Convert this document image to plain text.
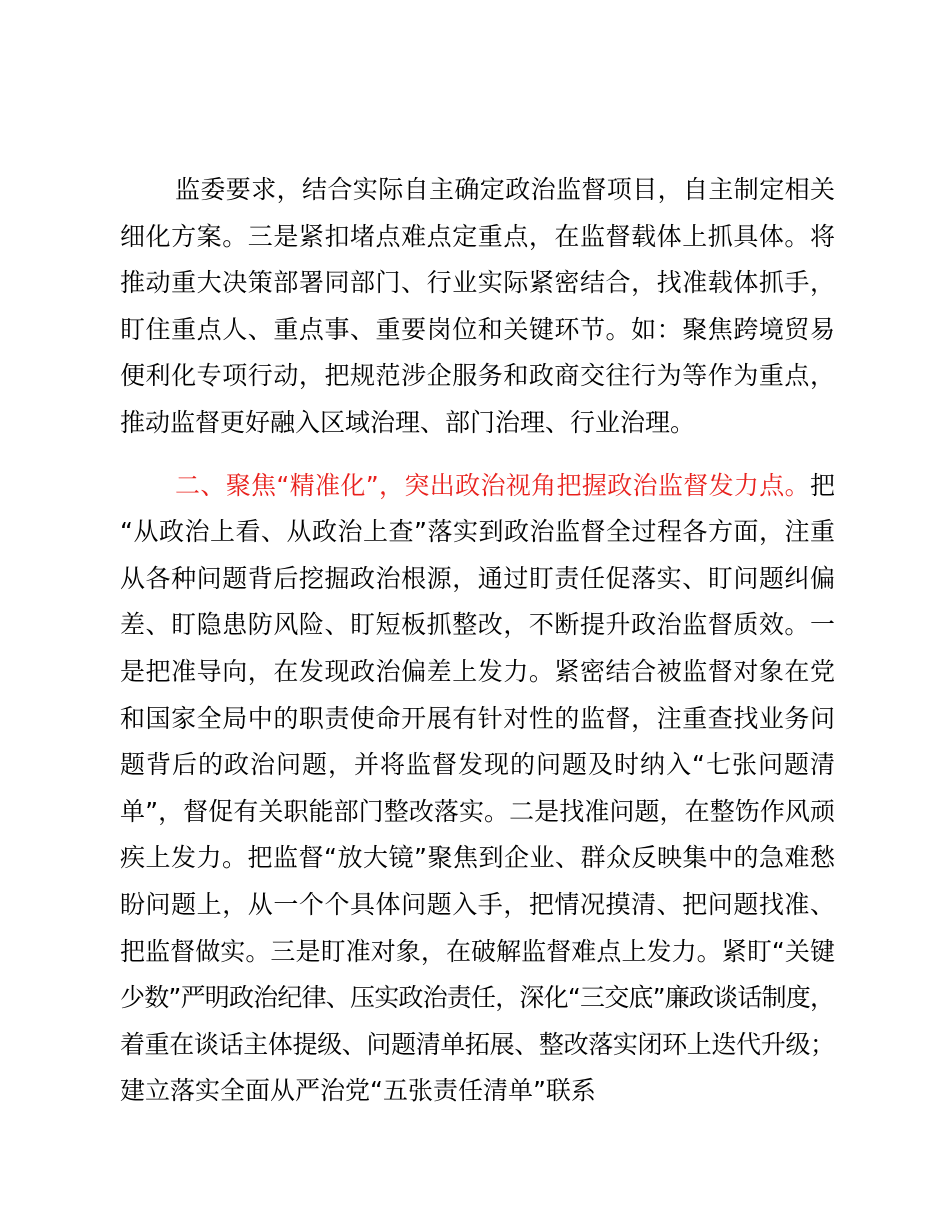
监委要求，结合实际自主确定政治监督项目，自主制定相关
细化方案。三是紧扣堵点难点定重点，在监督载体上抓具体。将
推动重大决策部署同部门、行业实际紧密结合，找准载体抓手，
盯住重点人、重点事、重要岗位和关键环节。如：聚焦跨境贸易
便利化专项行动，把规范涉企服务和政商交往行为等作为重点，
推动监督更好融入区域治理、部门治理、行业治理。
二、聚焦“精准化”，突出政治视角把握政治监督发力点。把
“从政治上看、从政治上查”落实到政治监督全过程各方面，注重
从各种问题背后挖掘政治根源，通过盯责任促落实、盯问题纠偏
差、盯隐患防风险、盯短板抓整改，不断提升政治监督质效。一
是把准导向，在发现政治偏差上发力。紧密结合被监督对象在党
和国家全局中的职责使命开展有针对性的监督，注重查找业务问
题背后的政治问题，并将监督发现的问题及时纳入“七张问题清
单”，督促有关职能部门整改落实。二是找准问题，在整饬作风顽
疾上发力。把监督“放大镜”聚焦到企业、群众反映集中的急难愁
盼问题上，从一个个具体问题入手，把情况摸清、把问题找准、
把监督做实。三是盯准对象，在破解监督难点上发力。紧盯“关键
少数”严明政治纪律、压实政治责任，深化“三交底”廉政谈话制度，
着重在谈话主体提级、问题清单拓展、整改落实闭环上迭代升级；
建立落实全面从严治党“五张责任清单”联系
